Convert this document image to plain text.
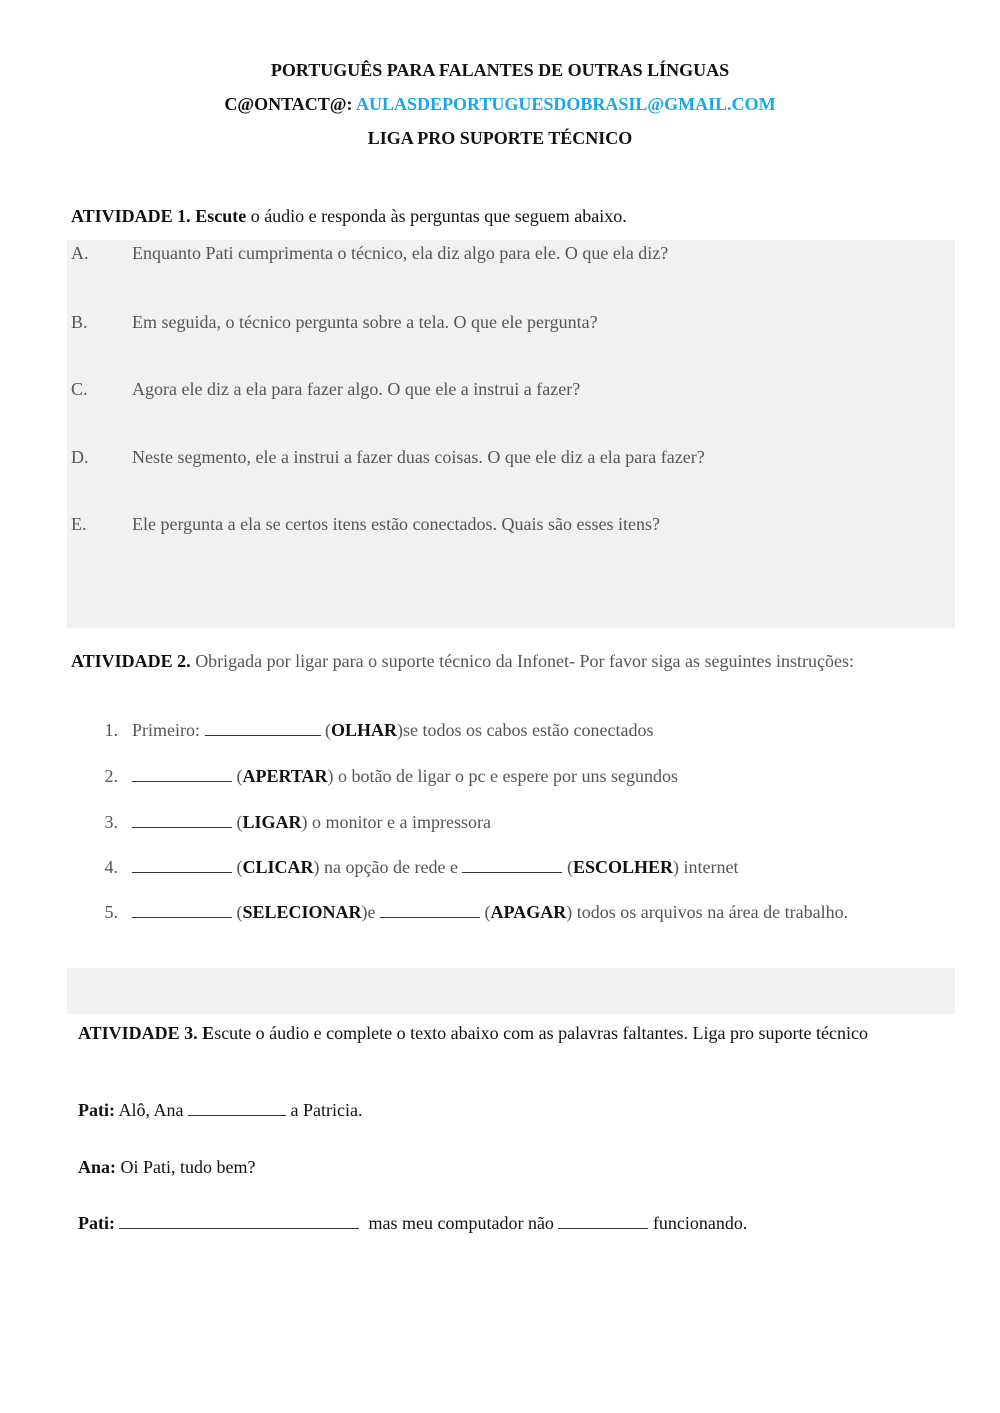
PORTUGUÊS PARA FALANTES DE OUTRAS LÍNGUAS
C@ONTACT@: AULASDEPORTUGUESDOBRASIL@GMAIL.COM
LIGA PRO SUPORTE TÉCNICO
ATIVIDADE 1. Escute o áudio e responda às perguntas que seguem abaixo.
A. Enquanto Pati cumprimenta o técnico, ela diz algo para ele. O que ela diz?
B. Em seguida, o técnico pergunta sobre a tela. O que ele pergunta?
C. Agora ele diz a ela para fazer algo. O que ele a instrui a fazer?
D. Neste segmento, ele a instrui a fazer duas coisas. O que ele diz a ela para fazer?
E.	Ele pergunta a ela se certos itens estão conectados. Quais são esses itens?
ATIVIDADE 2. Obrigada por ligar para o suporte técnico da Infonet- Por favor siga as seguintes instruções:
1. Primeiro:	(OLHAR)se todos os cabos estão conectados
2.	(APERTAR) o botão de ligar o pc e espere por uns segundos
3.	(LIGAR) o monitor e a impressora
4.	(CLICAR) na opção de rede e	(ESCOLHER) internet
5.	(SELECIONAR)e	(APAGAR) todos os arquivos na área de trabalho.
ATIVIDADE 3. Escute o áudio e complete o texto abaixo com as palavras faltantes. Liga pro suporte técnico
Pati: Alô, Ana	a Patricia.
Ana: Oi Pati, tudo bem?
Pati:	mas meu computador não	funcionando.
